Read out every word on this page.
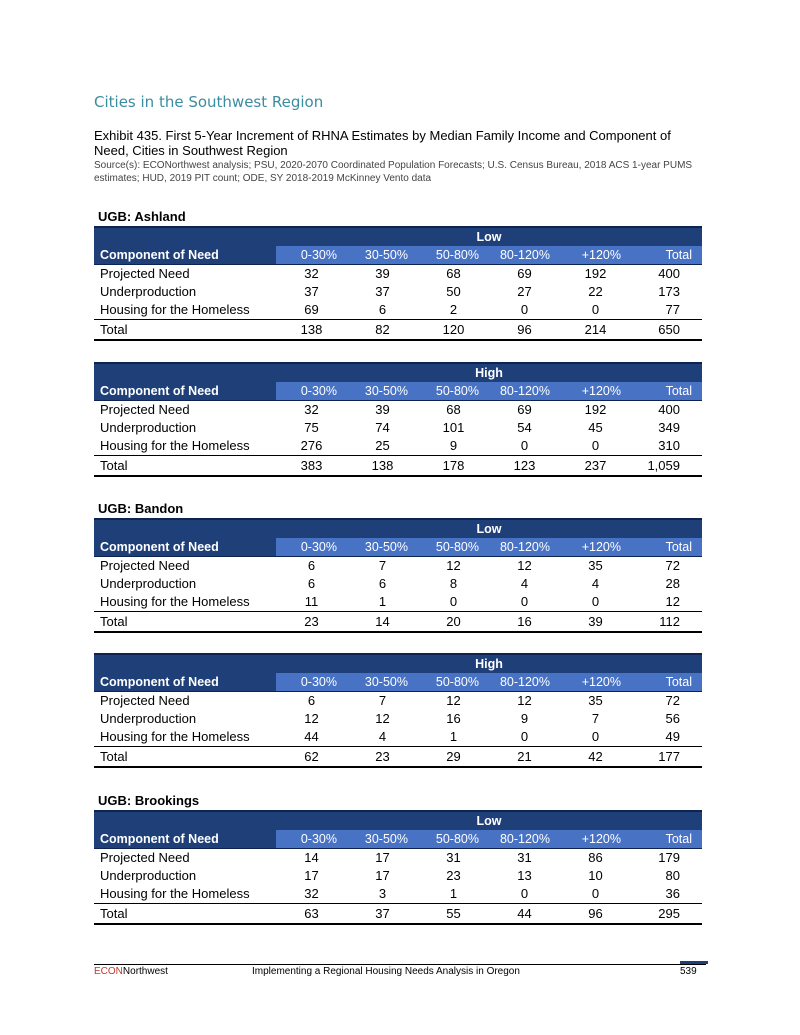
Cities in the Southwest Region

Exhibit 435. First 5-Year Increment of RHNA Estimates by Median Family Income and Component of Need, Cities in Southwest Region

Source(s): ECONorthwest analysis; PSU, 2020-2070 Coordinated Population Forecasts; U.S. Census Bureau, 2018 ACS 1-year PUMS estimates; HUD, 2019 PIT count; ODE, SY 2018-2019 McKinney Vento data

UGB: Ashland
			Low			
Component of Need	0-30%	30-50%	50-80%	80-120%	+120%	Total
Projected Need	32	39	68	69	192	400
Underproduction	37	37	50	27	22	173
Housing for the Homeless	69	6	2	0	0	77
Total	138	82	120	96	214	650
			High			
Component of Need	0-30%	30-50%	50-80%	80-120%	+120%	Total
Projected Need	32	39	68	69	192	400
Underproduction	75	74	101	54	45	349
Housing for the Homeless	276	25	9	0	0	310
Total	383	138	178	123	237	1,059
UGB: Bandon
			Low			
Component of Need	0-30%	30-50%	50-80%	80-120%	+120%	Total
Projected Need	6	7	12	12	35	72
Underproduction	6	6	8	4	4	28
Housing for the Homeless	11	1	0	0	0	12
Total	23	14	20	16	39	112
			High			
Component of Need	0-30%	30-50%	50-80%	80-120%	+120%	Total
Projected Need	6	7	12	12	35	72
Underproduction	12	12	16	9	7	56
Housing for the Homeless	44	4	1	0	0	49
Total	62	23	29	21	42	177
UGB: Brookings
			Low			
Component of Need	0-30%	30-50%	50-80%	80-120%	+120%	Total
Projected Need	14	17	31	31	86	179
Underproduction	17	17	23	13	10	80
Housing for the Homeless	32	3	1	0	0	36
Total	63	37	55	44	96	295
ECONNorthwest	Implementing a Regional Housing Needs Analysis in Oregon	539
